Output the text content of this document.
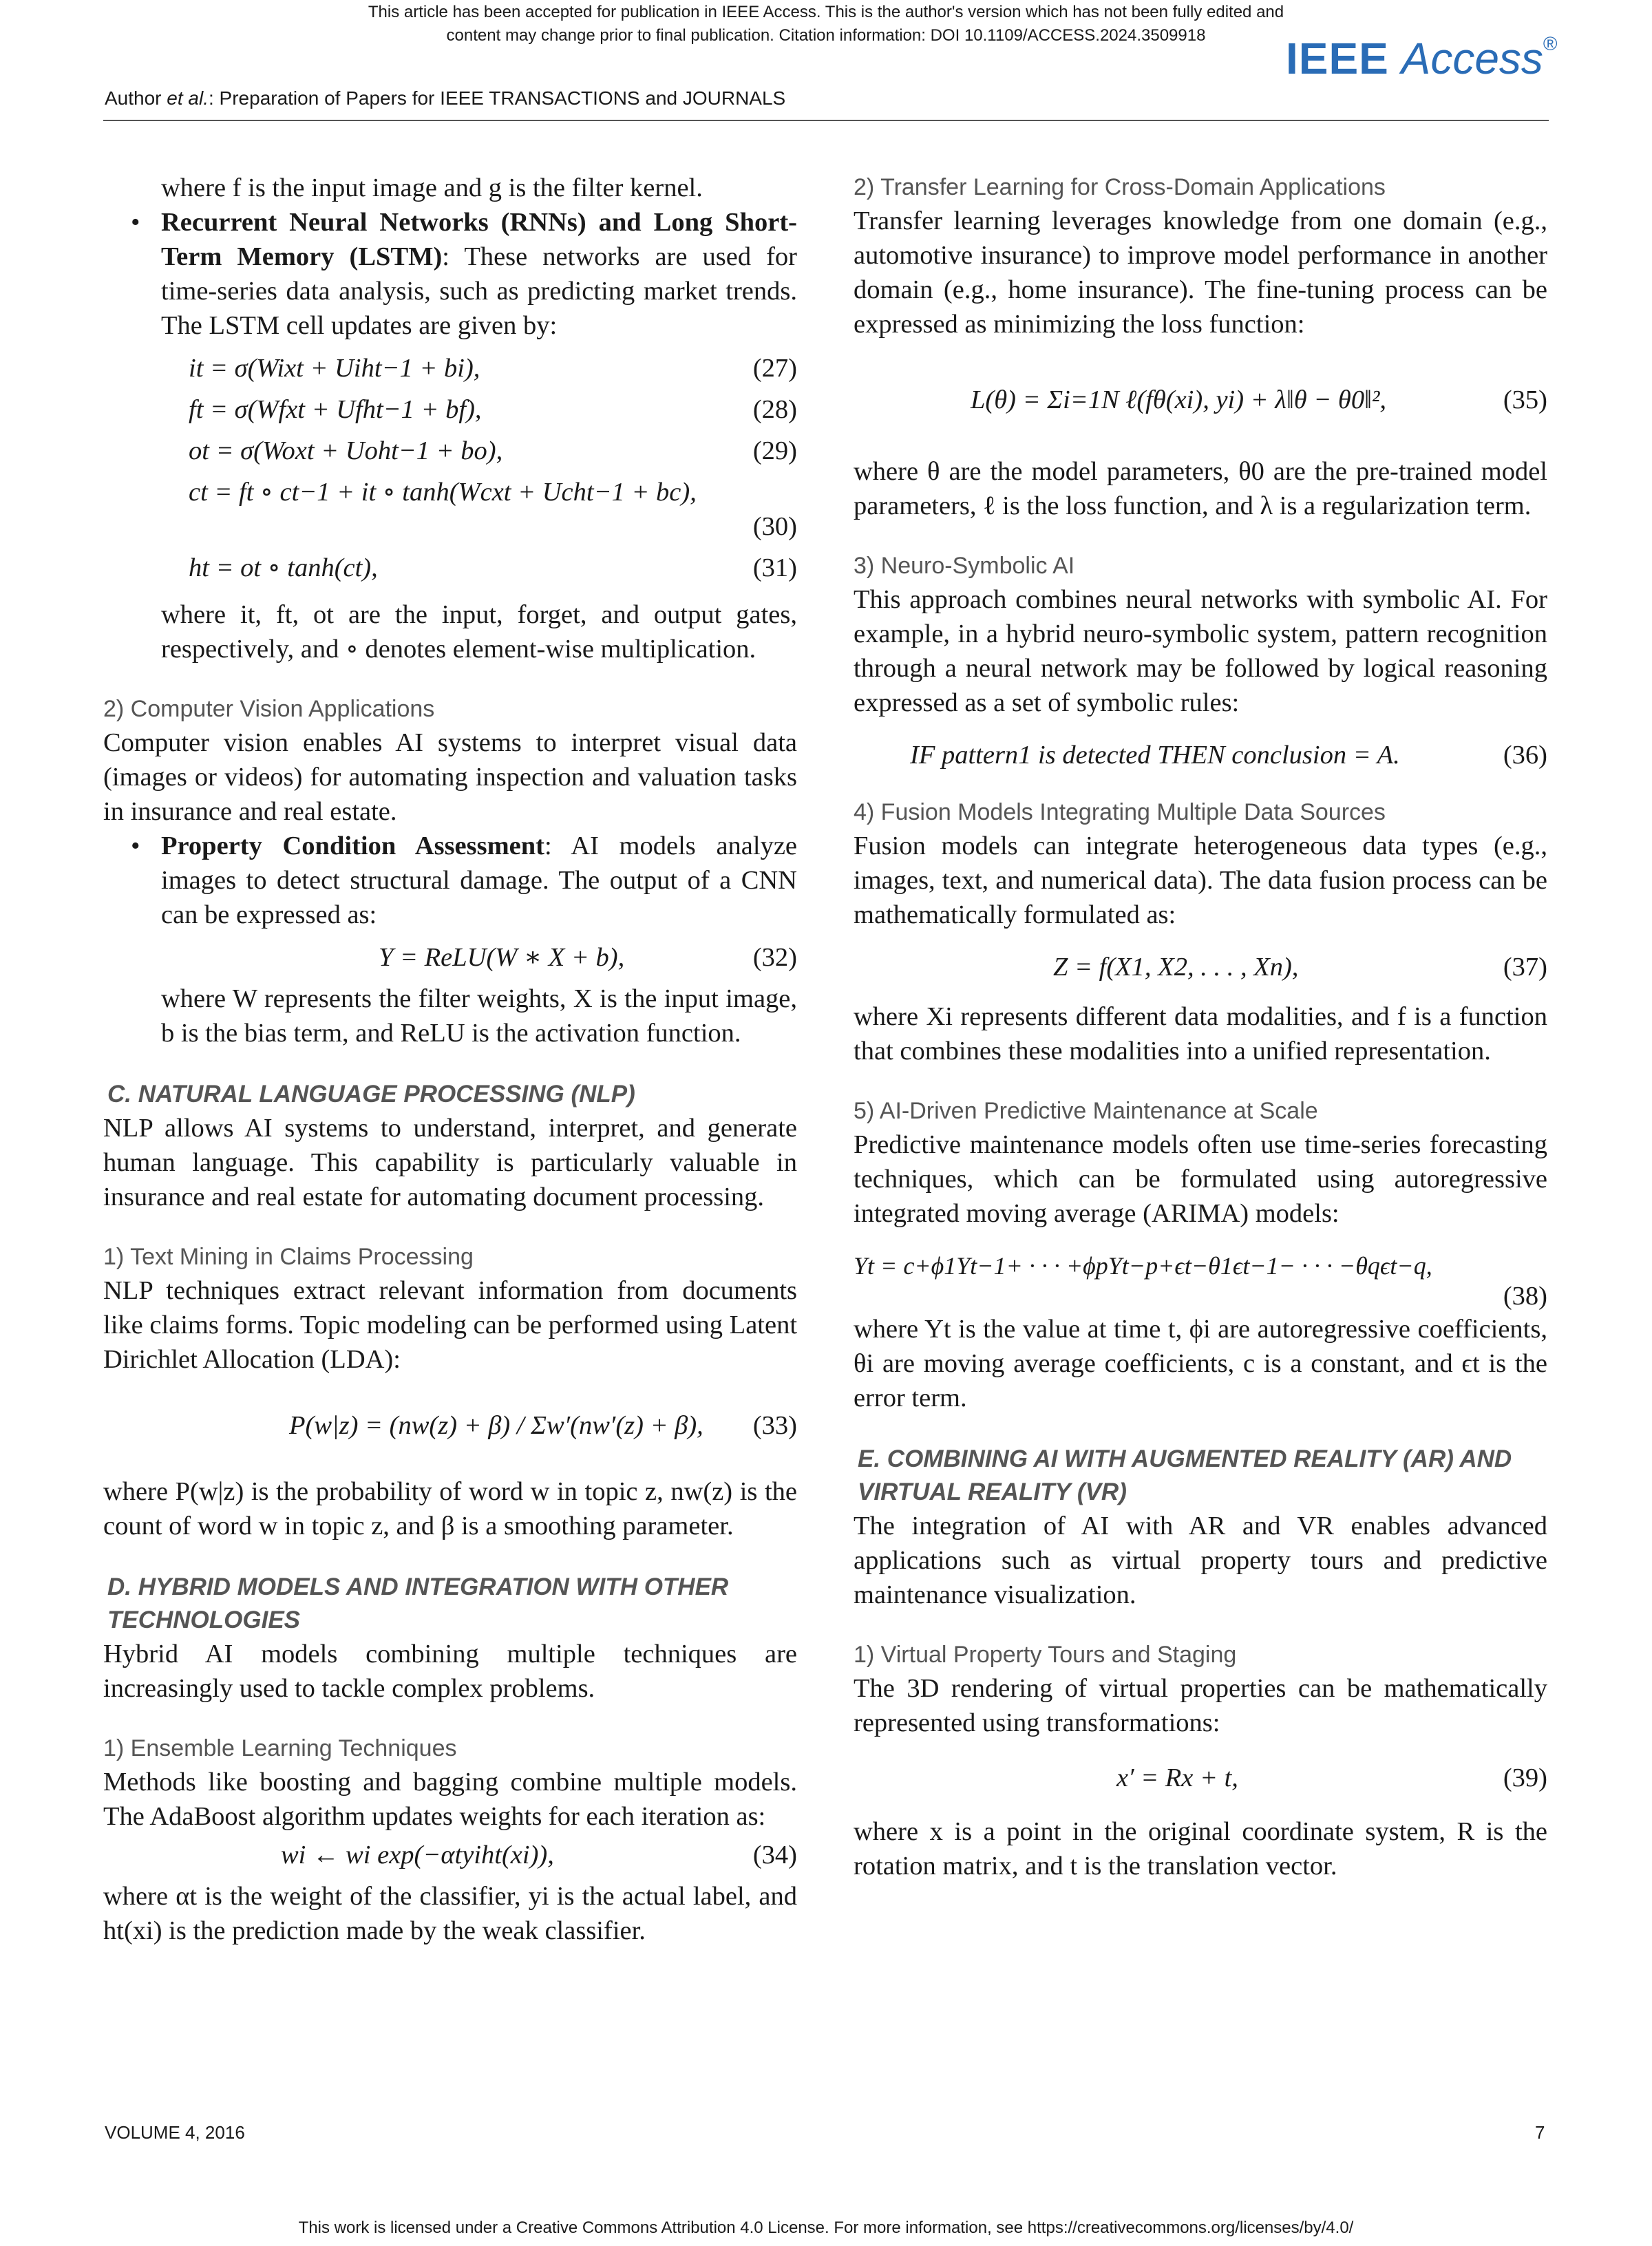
This article has been accepted for publication in IEEE Access. This is the author's version which has not been fully edited and
content may change prior to final publication. Citation information: DOI 10.1109/ACCESS.2024.3509918	IEEE Access®
Author et al.: Preparation of Papers for IEEE TRANSACTIONS and JOURNALS

where f is the input image and g is the filter kernel.

• Recurrent Neural Networks (RNNs) and Long Short-Term Memory (LSTM): These networks are used for time-series data analysis, such as predicting market trends. The LSTM cell updates are given by:

it = σ(Wixt + Uiht−1 + bi),	(27)
ft = σ(Wfxt + Ufht−1 + bf),	(28)
ot = σ(Woxt + Uoht−1 + bo),	(29)
ct = ft ∘ ct−1 + it ∘ tanh(Wcxt + Ucht−1 + bc),
(30)
ht = ot ∘ tanh(ct),	(31)

where it, ft, ot are the input, forget, and output gates, respectively, and ∘ denotes element-wise multiplication.

2) Computer Vision Applications

Computer vision enables AI systems to interpret visual data (images or videos) for automating inspection and valuation tasks in insurance and real estate.

• Property Condition Assessment: AI models analyze images to detect structural damage. The output of a CNN can be expressed as:

Y = ReLU(W ∗ X + b),	(32)

where W represents the filter weights, X is the input image, b is the bias term, and ReLU is the activation function.

C. NATURAL LANGUAGE PROCESSING (NLP)

NLP allows AI systems to understand, interpret, and generate human language. This capability is particularly valuable in insurance and real estate for automating document processing.

1) Text Mining in Claims Processing

NLP techniques extract relevant information from documents like claims forms. Topic modeling can be performed using Latent Dirichlet Allocation (LDA):

P(w|z) = (nw(z) + β) / Σw′(nw′(z) + β), (33)

where P(w|z) is the probability of word w in topic z, nw(z) is the count of word w in topic z, and β is a smoothing parameter.

D. HYBRID MODELS AND INTEGRATION WITH OTHER TECHNOLOGIES

Hybrid AI models combining multiple techniques are increasingly used to tackle complex problems.

1) Ensemble Learning Techniques

Methods like boosting and bagging combine multiple models. The AdaBoost algorithm updates weights for each iteration as:

wi ← wi exp(−αtyiht(xi)),	(34)

where αt is the weight of the classifier, yi is the actual label, and ht(xi) is the prediction made by the weak classifier.

2) Transfer Learning for Cross-Domain Applications

Transfer learning leverages knowledge from one domain (e.g., automotive insurance) to improve model performance in another domain (e.g., home insurance). The fine-tuning process can be expressed as minimizing the loss function:

L(θ) = Σi=1N ℓ(fθ(xi), yi) + λ‖θ − θ0‖²,	(35)

where θ are the model parameters, θ0 are the pre-trained model parameters, ℓ is the loss function, and λ is a regularization term.

3) Neuro-Symbolic AI

This approach combines neural networks with symbolic AI. For example, in a hybrid neuro-symbolic system, pattern recognition through a neural network may be followed by logical reasoning expressed as a set of symbolic rules:

IF pattern1 is detected THEN conclusion = A.	(36)
4) Fusion Models Integrating Multiple Data Sources

Fusion models can integrate heterogeneous data types (e.g., images, text, and numerical data). The data fusion process can be mathematically formulated as:

Z = f(X1, X2, . . . , Xn),	(37)

where Xi represents different data modalities, and f is a function that combines these modalities into a unified representation.

5) AI-Driven Predictive Maintenance at Scale

Predictive maintenance models often use time-series forecasting techniques, which can be formulated using autoregressive integrated moving average (ARIMA) models:

Yt = c+ϕ1Yt−1+ · · · +ϕpYt−p+ϵt−θ1ϵt−1− · · · −θqϵt−q,
(38)

where Yt is the value at time t, ϕi are autoregressive coefficients, θi are moving average coefficients, c is a constant, and ϵt is the error term.

E. COMBINING AI WITH AUGMENTED REALITY (AR) AND VIRTUAL REALITY (VR)

The integration of AI with AR and VR enables advanced applications such as virtual property tours and predictive maintenance visualization.

1) Virtual Property Tours and Staging

The 3D rendering of virtual properties can be mathematically represented using transformations:

x′ = Rx + t,	(39)

where x is a point in the original coordinate system, R is the rotation matrix, and t is the translation vector.

VOLUME 4, 2016	7
This work is licensed under a Creative Commons Attribution 4.0 License. For more information, see https://creativecommons.org/licenses/by/4.0/
